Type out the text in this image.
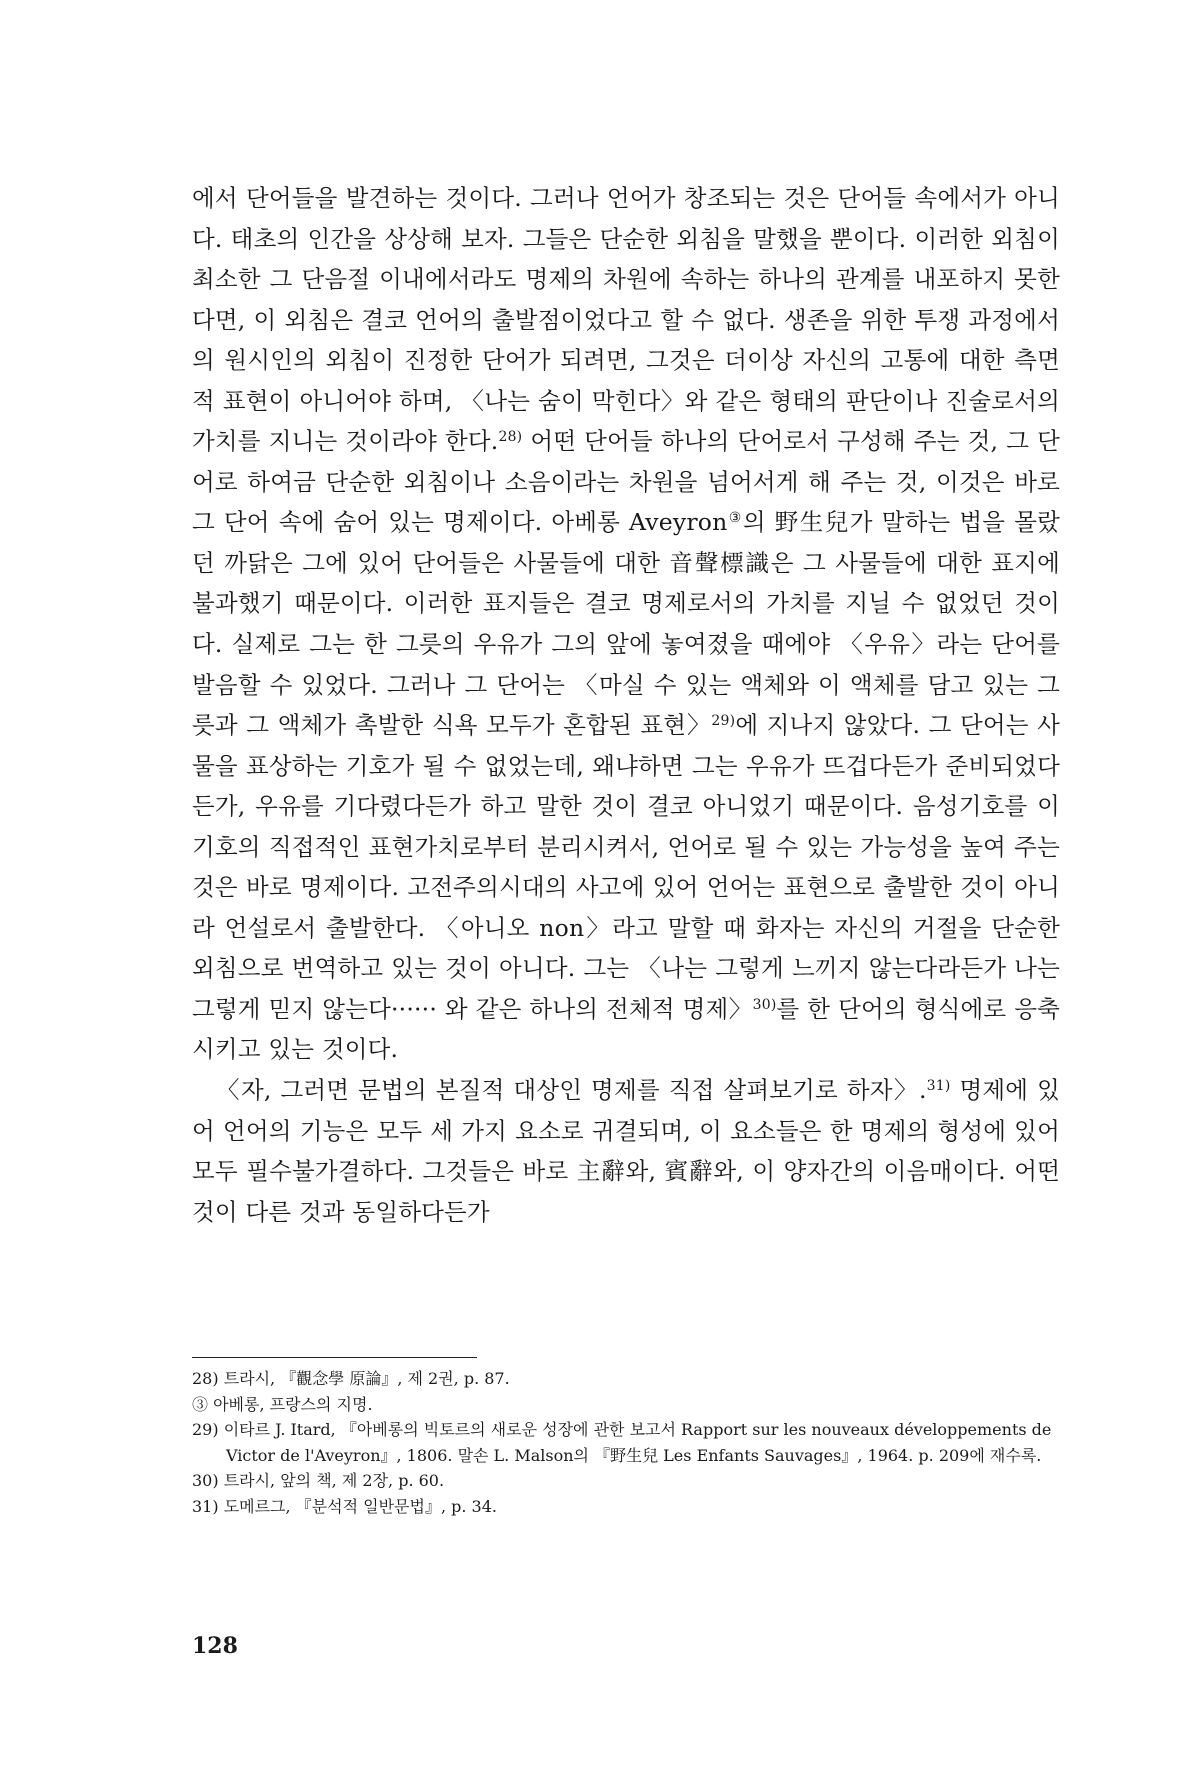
에서 단어들을 발견하는 것이다. 그러나 언어가 창조되는 것은 단어들 속에서가 아니다. 태초의 인간을 상상해 보자. 그들은 단순한 외침을 말했을 뿐이다. 이러한 외침이 최소한 그 단음절 이내에서라도 명제의 차원에 속하는 하나의 관계를 내포하지 못한다면, 이 외침은 결코 언어의 출발점이었다고 할 수 없다. 생존을 위한 투쟁 과정에서의 원시인의 외침이 진정한 단어가 되려면, 그것은 더이상 자신의 고통에 대한 측면적 표현이 아니어야 하며, 〈나는 숨이 막힌다〉와 같은 형태의 판단이나 진술로서의 가치를 지니는 것이라야 한다.$^{28)}$ 어떤 단어들 하나의 단어로서 구성해 주는 것, 그 단어로 하여금 단순한 외침이나 소음이라는 차원을 넘어서게 해 주는 것, 이것은 바로 그 단어 속에 숨어 있는 명제이다. 아베롱 Aveyron③의 野生兒가 말하는 법을 몰랐던 까닭은 그에 있어 단어들은 사물들에 대한 音聲標識은 그 사물들에 대한 표지에 불과했기 때문이다. 이러한 표지들은 결코 명제로서의 가치를 지닐 수 없었던 것이다. 실제로 그는 한 그릇의 우유가 그의 앞에 놓여졌을 때에야 〈우유〉라는 단어를 발음할 수 있었다. 그러나 그 단어는 〈마실 수 있는 액체와 이 액체를 담고 있는 그릇과 그 액체가 촉발한 식욕 모두가 혼합된 표현〉$^{29)}$에 지나지 않았다. 그 단어는 사물을 표상하는 기호가 될 수 없었는데, 왜냐하면 그는 우유가 뜨겁다든가 준비되었다든가, 우유를 기다렸다든가 하고 말한 것이 결코 아니었기 때문이다. 음성기호를 이 기호의 직접적인 표현가치로부터 분리시켜서, 언어로 될 수 있는 가능성을 높여 주는 것은 바로 명제이다. 고전주의시대의 사고에 있어 언어는 표현으로 출발한 것이 아니라 언설로서 출발한다. 〈아니오 non〉라고 말할 때 화자는 자신의 거절을 단순한 외침으로 번역하고 있는 것이 아니다. 그는 〈나는 그렇게 느끼지 않는다라든가 나는 그렇게 믿지 않는다······ 와 같은 하나의 전체적 명제〉$^{30)}$를 한 단어의 형식에로 응축시키고 있는 것이다.

〈자, 그러면 문법의 본질적 대상인 명제를 직접 살펴보기로 하자〉.$^{31)}$ 명제에 있어 언어의 기능은 모두 세 가지 요소로 귀결되며, 이 요소들은 한 명제의 형성에 있어 모두 필수불가결하다. 그것들은 바로 主辭와, 賓辭와, 이 양자간의 이음매이다. 어떤 것이 다른 것과 동일하다든가

28) 트라시, 『觀念學 原論』, 제 2권, p. 87.

③ 아베롱, 프랑스의 지명.

29) 이타르 J. Itard, 『아베롱의 빅토르의 새로운 성장에 관한 보고서 Rapport sur les nouveaux développements de Victor de l'Aveyron』, 1806. 말손 L. Malson의 『野生兒 Les Enfants Sauvages』, 1964. p. 209에 재수록.

30) 트라시, 앞의 책, 제 2장, p. 60.

31) 도메르그, 『분석적 일반문법』, p. 34.

128
